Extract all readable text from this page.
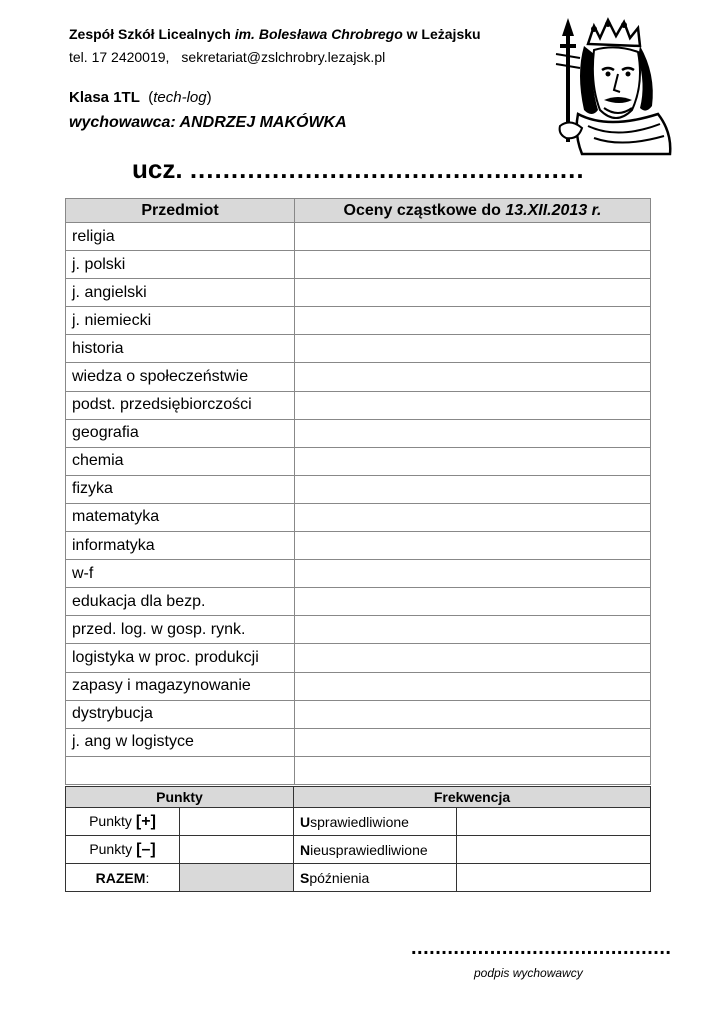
Zespół Szkół Licealnych im. Bolesława Chrobrego w Leżajsku
tel. 17 2420019, sekretariat@zslchrobry.lezajsk.pl
Klasa 1TL  (tech-log)
wychowawca: ANDRZEJ MAKÓWKA
ucz. ................................................
Przedmiot	Oceny cząstkowe do 13.XII.2013 r.
religia	
j. polski	
j. angielski	
j. niemiecki	
historia	
wiedza o społeczeństwie	
podst. przedsiębiorczości	
geografia	
chemia	
fizyka	
matematyka	
informatyka	
w-f	
edukacja dla bezp.	
przed. log. w gosp. rynk.	
logistyka w proc. produkcji	
zapasy i magazynowanie	
dystrybucja	
j. ang w logistyce	

Punkty		Frekwencja	
Punkty [+]		Usprawiedliwione	
Punkty [–]		Nieusprawiedliwione	
RAZEM:		Spóźnienia	
...........................................
podpis wychowawcy
